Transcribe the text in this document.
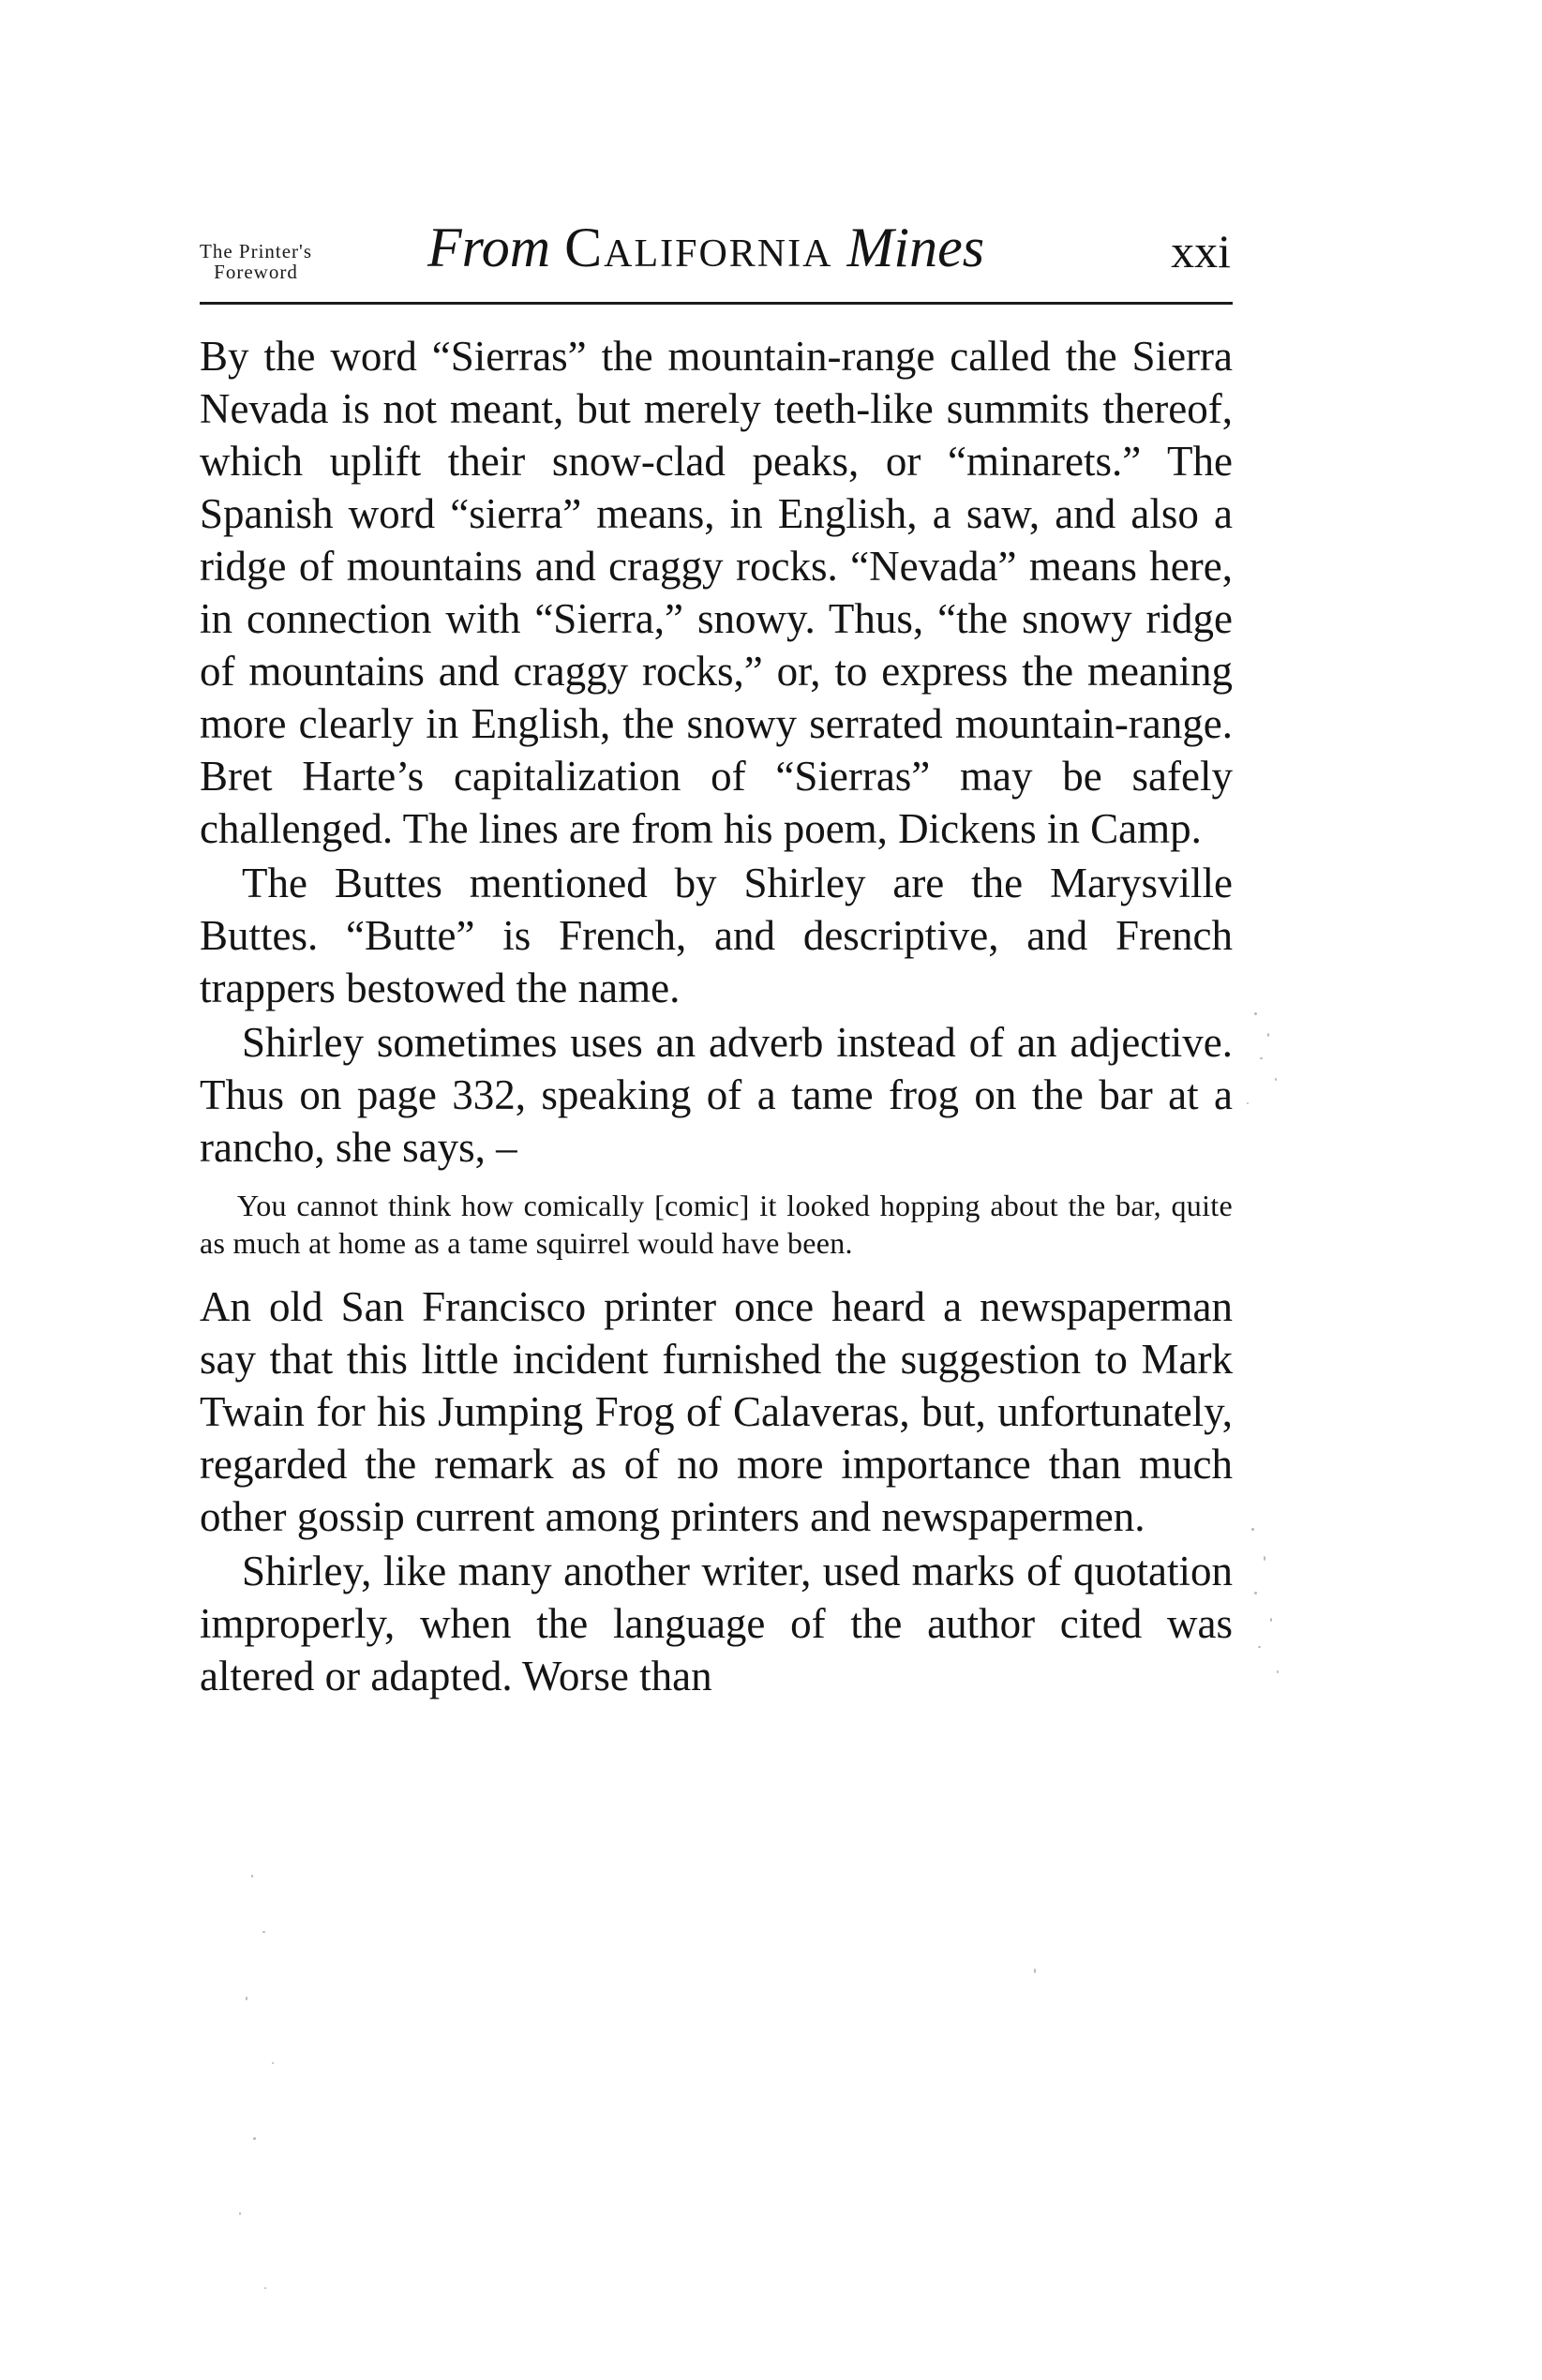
The Printer's
Foreword From California Mines	xxi

By the word “Sierras” the mountain-range called the Sierra Nevada is not meant, but merely teeth-like summits thereof, which uplift their snow-clad peaks, or “minarets.” The Spanish word “sierra” means, in English, a saw, and also a ridge of mountains and craggy rocks. “Nevada” means here, in connection with “Sierra,” snowy. Thus, “the snowy ridge of mountains and craggy rocks,” or, to express the meaning more clearly in English, the snowy serrated mountain-range. Bret Harte’s capitalization of “Sierras” may be safely challenged. The lines are from his poem, Dickens in Camp.

The Buttes mentioned by Shirley are the Marysville Buttes. “Butte” is French, and descriptive, and French trappers bestowed the name.

Shirley sometimes uses an adverb instead of an adjective. Thus on page 332, speaking of a tame frog on the bar at a rancho, she says, –

You cannot think how comically [comic] it looked hopping about the bar, quite as much at home as a tame squirrel would have been.

An old San Francisco printer once heard a newspaperman say that this little incident furnished the suggestion to Mark Twain for his Jumping Frog of Calaveras, but, unfortunately, regarded the remark as of no more importance than much other gossip current among printers and newspapermen.

Shirley, like many another writer, used marks of quotation improperly, when the language of the author cited was altered or adapted. Worse than
